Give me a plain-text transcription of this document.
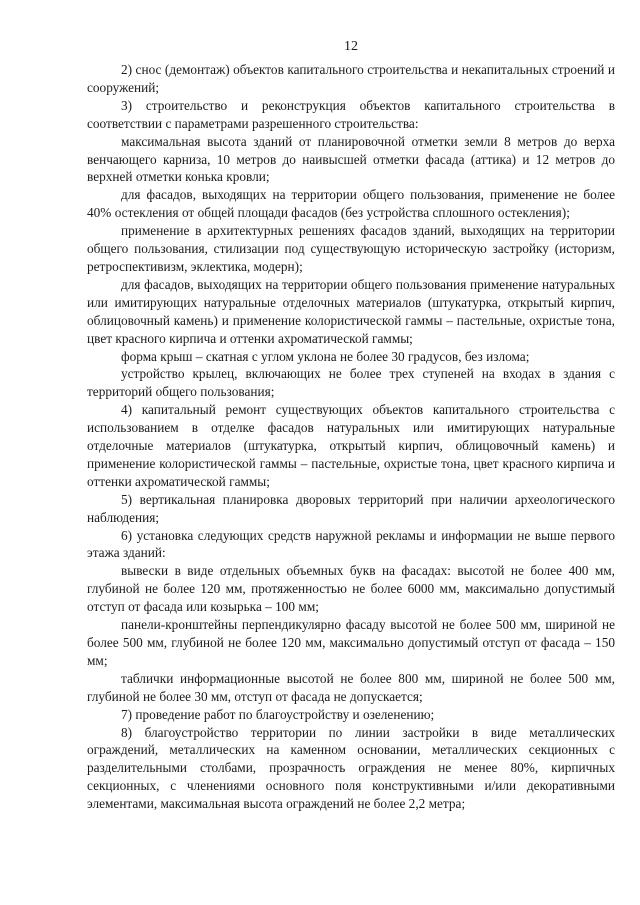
12

2) снос (демонтаж) объектов капитального строительства и некапитальных строений и сооружений;

3) строительство и реконструкция объектов капитального строительства в соответствии с параметрами разрешенного строительства:

максимальная высота зданий от планировочной отметки земли 8 метров до верха венчающего карниза, 10 метров до наивысшей отметки фасада (аттика) и 12 метров до верхней отметки конька кровли;

для фасадов, выходящих на территории общего пользования, применение не более 40% остекления от общей площади фасадов (без устройства сплошного остекления);

применение в архитектурных решениях фасадов зданий, выходящих на территории общего пользования, стилизации под существующую историческую застройку (историзм, ретроспективизм, эклектика, модерн);

для фасадов, выходящих на территории общего пользования применение натуральных или имитирующих натуральные отделочных материалов (штукатурка, открытый кирпич, облицовочный камень) и применение колористической гаммы – пастельные, охристые тона, цвет красного кирпича и оттенки ахроматической гаммы;

форма крыш – скатная с углом уклона не более 30 градусов, без излома;

устройство крылец, включающих не более трех ступеней на входах в здания с территорий общего пользования;

4) капитальный ремонт существующих объектов капитального строительства с использованием в отделке фасадов натуральных или имитирующих натуральные отделочные материалов (штукатурка, открытый кирпич, облицовочный камень) и применение колористической гаммы – пастельные, охристые тона, цвет красного кирпича и оттенки ахроматической гаммы;

5) вертикальная планировка дворовых территорий при наличии археологического наблюдения;

6) установка следующих средств наружной рекламы и информации не выше первого этажа зданий:

вывески в виде отдельных объемных букв на фасадах: высотой не более 400 мм, глубиной не более 120 мм, протяженностью не более 6000 мм, максимально допустимый отступ от фасада или козырька – 100 мм;

панели-кронштейны перпендикулярно фасаду высотой не более 500 мм, шириной не более 500 мм, глубиной не более 120 мм, максимально допустимый отступ от фасада – 150 мм;

таблички информационные высотой не более 800 мм, шириной не более 500 мм, глубиной не более 30 мм, отступ от фасада не допускается;

7) проведение работ по благоустройству и озеленению;

8) благоустройство территории по линии застройки в виде металлических ограждений, металлических на каменном основании, металлических секционных с разделительными столбами, прозрачность ограждения не менее 80%, кирпичных секционных, с членениями основного поля конструктивными и/или декоративными элементами, максимальная высота ограждений не более 2,2 метра;
